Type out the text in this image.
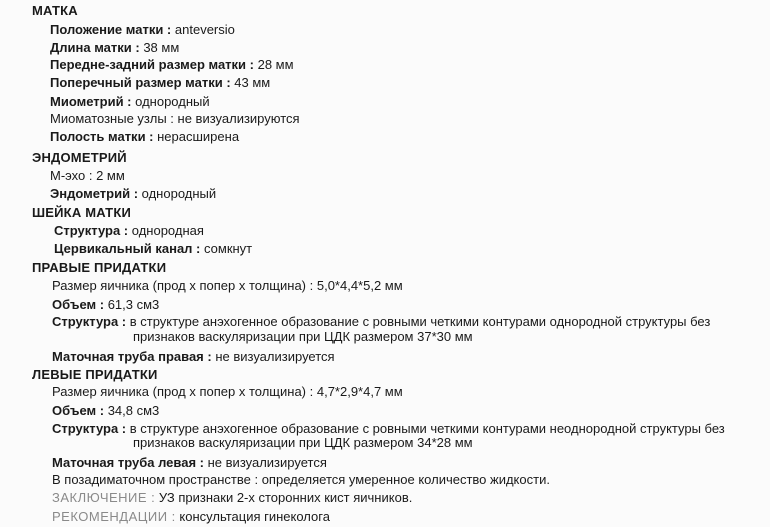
МАТКА
Положение матки : anteversio
Длина матки : 38 мм
Передне-задний размер матки : 28 мм
Поперечный размер матки : 43 мм
Миометрий : однородный
Миоматозные узлы : не визуализируются
Полость матки : нерасширена
ЭНДОМЕТРИЙ
М-эхо : 2 мм
Эндометрий : однородный
ШЕЙКА МАТКИ
Структура : однородная
Цервикальный канал : сомкнут
ПРАВЫЕ ПРИДАТКИ
Размер яичника (прод х попер х толщина) : 5,0*4,4*5,2 мм
Объем : 61,3 см3
Структура : в структуре анэхогенное образование с ровными четкими контурами однородной структуры без
признаков васкуляризации при ЦДК размером 37*30 мм
Маточная труба правая : не визуализируется
ЛЕВЫЕ ПРИДАТКИ
Размер яичника (прод х попер х толщина) : 4,7*2,9*4,7 мм
Объем : 34,8 см3
Структура : в структуре анэхогенное образование с ровными четкими контурами неоднородной структуры без
признаков васкуляризации при ЦДК размером 34*28 мм
Маточная труба левая : не визуализируется
В позадиматочном пространстве : определяется умеренное количество жидкости.
ЗАКЛЮЧЕНИЕ : УЗ признаки 2-х сторонних кист яичников.
РЕКОМЕНДАЦИИ : консультация гинеколога
